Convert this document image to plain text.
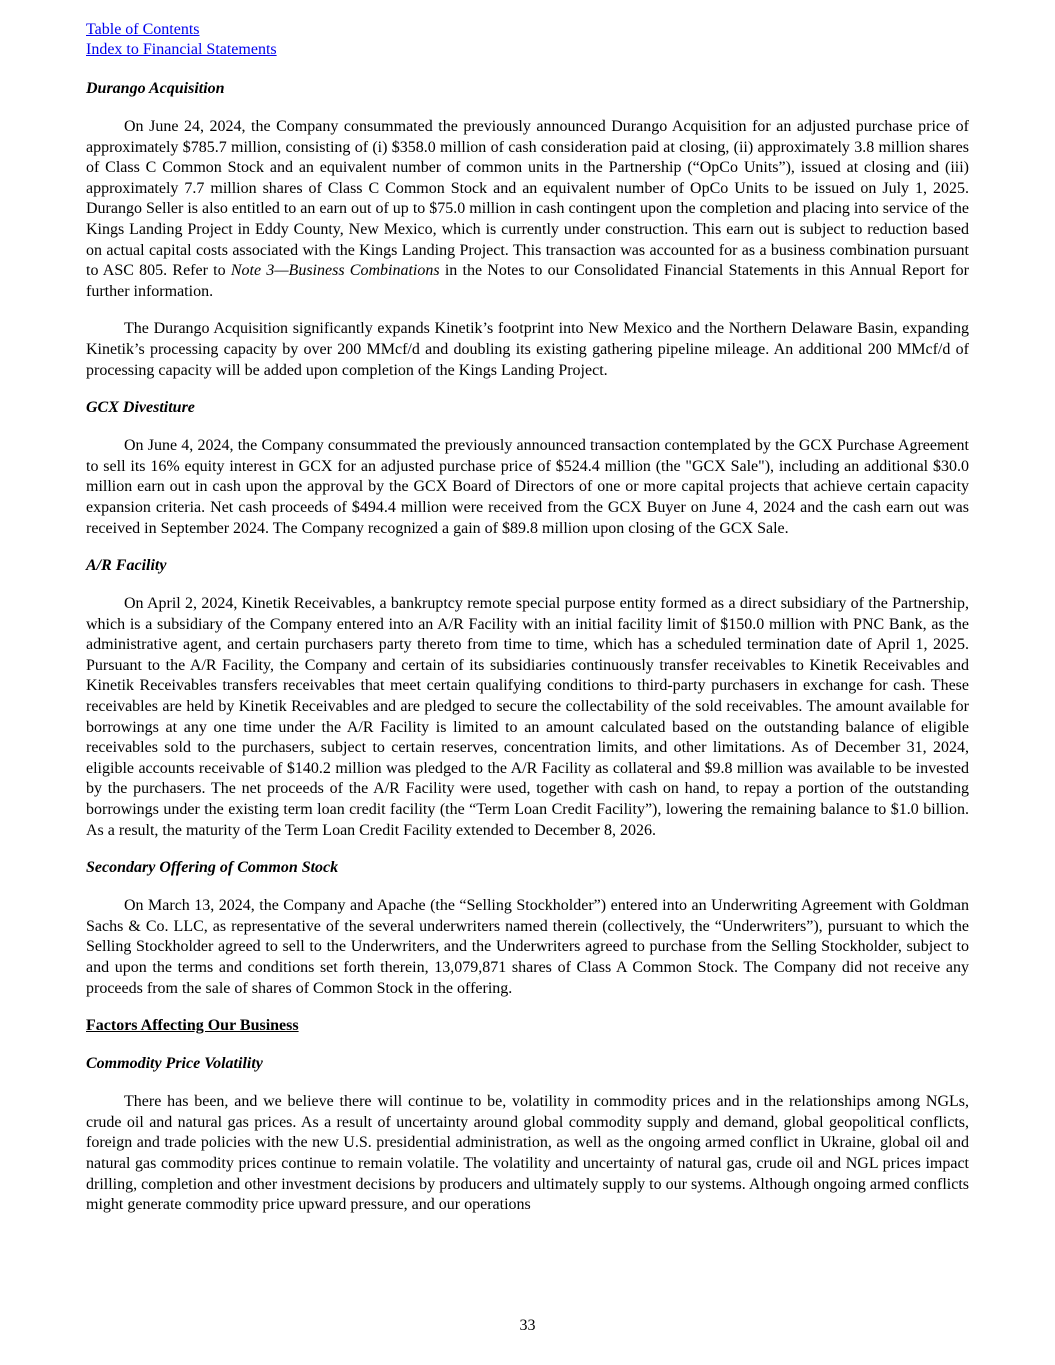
Table of Contents
Index to Financial Statements
Durango Acquisition

On June 24, 2024, the Company consummated the previously announced Durango Acquisition for an adjusted purchase price of approximately $785.7 million, consisting of (i) $358.0 million of cash consideration paid at closing, (ii) approximately 3.8 million shares of Class C Common Stock and an equivalent number of common units in the Partnership (“OpCo Units”), issued at closing and (iii) approximately 7.7 million shares of Class C Common Stock and an equivalent number of OpCo Units to be issued on July 1, 2025. Durango Seller is also entitled to an earn out of up to $75.0 million in cash contingent upon the completion and placing into service of the Kings Landing Project in Eddy County, New Mexico, which is currently under construction. This earn out is subject to reduction based on actual capital costs associated with the Kings Landing Project. This transaction was accounted for as a business combination pursuant to ASC 805. Refer to Note 3—Business Combinations in the Notes to our Consolidated Financial Statements in this Annual Report for further information.

The Durango Acquisition significantly expands Kinetik’s footprint into New Mexico and the Northern Delaware Basin, expanding Kinetik’s processing capacity by over 200 MMcf/d and doubling its existing gathering pipeline mileage. An additional 200 MMcf/d of processing capacity will be added upon completion of the Kings Landing Project.

GCX Divestiture

On June 4, 2024, the Company consummated the previously announced transaction contemplated by the GCX Purchase Agreement to sell its 16% equity interest in GCX for an adjusted purchase price of $524.4 million (the "GCX Sale"), including an additional $30.0 million earn out in cash upon the approval by the GCX Board of Directors of one or more capital projects that achieve certain capacity expansion criteria. Net cash proceeds of $494.4 million were received from the GCX Buyer on June 4, 2024 and the cash earn out was received in September 2024. The Company recognized a gain of $89.8 million upon closing of the GCX Sale.

A/R Facility

On April 2, 2024, Kinetik Receivables, a bankruptcy remote special purpose entity formed as a direct subsidiary of the Partnership, which is a subsidiary of the Company entered into an A/R Facility with an initial facility limit of $150.0 million with PNC Bank, as the administrative agent, and certain purchasers party thereto from time to time, which has a scheduled termination date of April 1, 2025. Pursuant to the A/R Facility, the Company and certain of its subsidiaries continuously transfer receivables to Kinetik Receivables and Kinetik Receivables transfers receivables that meet certain qualifying conditions to third-party purchasers in exchange for cash. These receivables are held by Kinetik Receivables and are pledged to secure the collectability of the sold receivables. The amount available for borrowings at any one time under the A/R Facility is limited to an amount calculated based on the outstanding balance of eligible receivables sold to the purchasers, subject to certain reserves, concentration limits, and other limitations. As of December 31, 2024, eligible accounts receivable of $140.2 million was pledged to the A/R Facility as collateral and $9.8 million was available to be invested by the purchasers. The net proceeds of the A/R Facility were used, together with cash on hand, to repay a portion of the outstanding borrowings under the existing term loan credit facility (the “Term Loan Credit Facility”), lowering the remaining balance to $1.0 billion. As a result, the maturity of the Term Loan Credit Facility extended to December 8, 2026.

Secondary Offering of Common Stock

On March 13, 2024, the Company and Apache (the “Selling Stockholder”) entered into an Underwriting Agreement with Goldman Sachs & Co. LLC, as representative of the several underwriters named therein (collectively, the “Underwriters”), pursuant to which the Selling Stockholder agreed to sell to the Underwriters, and the Underwriters agreed to purchase from the Selling Stockholder, subject to and upon the terms and conditions set forth therein, 13,079,871 shares of Class A Common Stock. The Company did not receive any proceeds from the sale of shares of Common Stock in the offering.

Factors Affecting Our Business
Commodity Price Volatility

There has been, and we believe there will continue to be, volatility in commodity prices and in the relationships among NGLs, crude oil and natural gas prices. As a result of uncertainty around global commodity supply and demand, global geopolitical conflicts, foreign and trade policies with the new U.S. presidential administration, as well as the ongoing armed conflict in Ukraine, global oil and natural gas commodity prices continue to remain volatile. The volatility and uncertainty of natural gas, crude oil and NGL prices impact drilling, completion and other investment decisions by producers and ultimately supply to our systems. Although ongoing armed conflicts might generate commodity price upward pressure, and our operations

33
